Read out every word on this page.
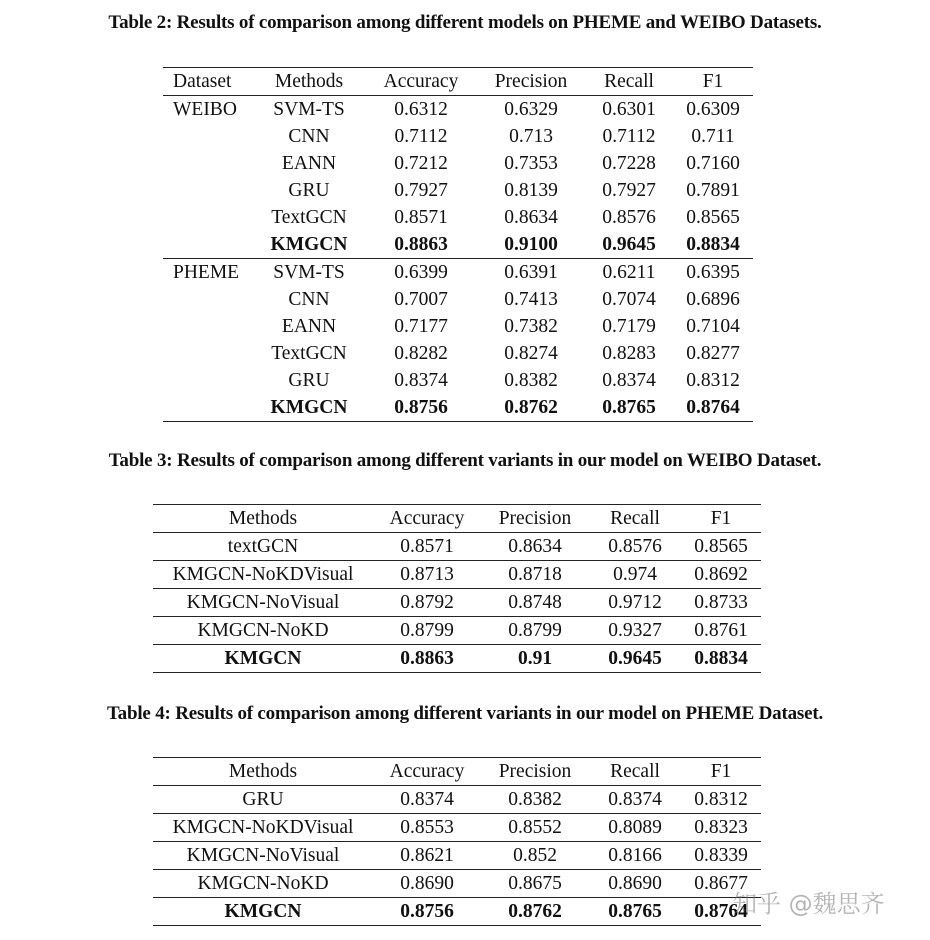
Table 2: Results of comparison among different models on PHEME and WEIBO Datasets.
Dataset	Methods	Accuracy	Precision	Recall	F1
WEIBO	SVM-TS	0.6312	0.6329	0.6301	0.6309
	CNN	0.7112	0.713	0.7112	0.711
	EANN	0.7212	0.7353	0.7228	0.7160
	GRU	0.7927	0.8139	0.7927	0.7891
	TextGCN	0.8571	0.8634	0.8576	0.8565
	KMGCN	0.8863	0.9100	0.9645	0.8834
PHEME	SVM-TS	0.6399	0.6391	0.6211	0.6395
	CNN	0.7007	0.7413	0.7074	0.6896
	EANN	0.7177	0.7382	0.7179	0.7104
	TextGCN	0.8282	0.8274	0.8283	0.8277
	GRU	0.8374	0.8382	0.8374	0.8312
	KMGCN	0.8756	0.8762	0.8765	0.8764
Table 3: Results of comparison among different variants in our model on WEIBO Dataset.
Methods	Accuracy	Precision	Recall	F1
textGCN	0.8571	0.8634	0.8576	0.8565
KMGCN-NoKDVisual	0.8713	0.8718	0.974	0.8692
KMGCN-NoVisual	0.8792	0.8748	0.9712	0.8733
KMGCN-NoKD	0.8799	0.8799	0.9327	0.8761
KMGCN	0.8863	0.91	0.9645	0.8834
Table 4: Results of comparison among different variants in our model on PHEME Dataset.
Methods	Accuracy	Precision	Recall	F1
GRU	0.8374	0.8382	0.8374	0.8312
KMGCN-NoKDVisual	0.8553	0.8552	0.8089	0.8323
KMGCN-NoVisual	0.8621	0.852	0.8166	0.8339
KMGCN-NoKD	0.8690	0.8675	0.8690	0.8677
KMGCN	0.8756	0.8762	0.8765	0.8764
知乎 @魏思齐
